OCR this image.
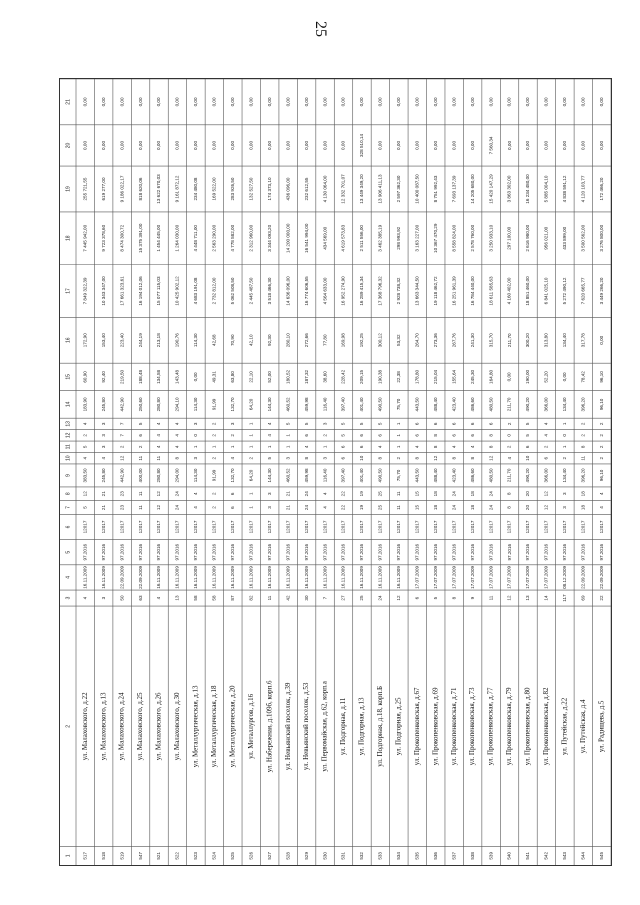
25
1
2
3
4
5
6
7
8
9
10
11
12
13
14
15
16
17
18
19
20
21
517
ул. Малаховского, д.22
4
16.11.2009
97.2016
12017
5
12
383,50
4
5
2
4
183,90
60,90
172,90
7 849 322,39
7 445 942,00
255 721,55
0,00
0,00
518
ул. Малаховского, д.13
3
16.11.2009
97.2016
12017
21
21
245,80
4
3
3
3
245,80
92,40
153,40
10 343 347,00
9 723 378,60
619 277,00
0,00
0,00
519
ул. Малаховского, д.24
50
22.09.2009
97.2016
12017
23
23
442,90
12
2
7
7
442,90
219,50
223,40
17 661 323,61
8 474 300,72
9 186 022,17
0,00
0,00
547
ул. Малаховского, д.25
63
22.09.2009
97.2016
12017
11
11
400,00
11
2
6
5
250,60
188,48
244,19
16 194 012,06
15 375 391,00
818 620,06
0,00
0,00
521
ул. Малаховского, д.26
4
16.11.2009
97.2016
12017
12
12
280,80
11
4
4
4
280,80
134,58
213,18
15 077 115,03
1 454 445,00
13 622 670,03
0,00
0,00
522
ул. Малаховского, д.30
13
16.11.2009
97.2016
12017
24
24
294,00
8
4
4
4
294,10
143,48
190,76
10 425 902,12
1 264 030,00
9 161 872,12
0,00
0,00
523
ул. Металлургическая, д.13
58
16.11.2009
97.2016
12017
4
4
114,30
3
1
0
3
114,30
0,00
114,30
4 683 191,08
4 448 711,00
234 480,08
0,00
0,00
524
ул. Металлургическая, д.18
58
16.11.2009
97.2016
12017
2
2
91,99
2
1
2
2
91,99
49,31
42,68
2 732 812,00
2 563 290,00
169 522,00
0,00
0,00
525
ул. Металлургическая, д.20
87
16.11.2009
97.2016
12017
6
6
132,70
4
1
2
3
132,70
63,80
70,90
5 062 508,50
4 778 582,00
283 926,50
0,00
0,00
526
ул. Металлургов, д.16
82
16.11.2009
97.2016
12017
1
1
64,20
2
1
1
1
64,20
22,10
42,10
2 445 487,50
2 312 960,00
132 527,50
0,00
0,00
527
ул. Набережная, д.109б, корп.6
11
16.11.2009
97.2016
12017
3
3
144,30
5
1
4
4
144,30
52,00
92,30
3 518 466,30
3 344 093,20
174 373,10
0,00
0,00
528
ул. Невьянский поселок, д.39
42
16.11.2009
97.2016
12017
21
21
460,52
3
1
1
5
460,52
180,52
280,10
14 636 096,00
14 200 000,00
436 096,00
0,00
0,00
529
ул. Невьянский поселок, д.53
30
16.11.2009
97.2016
12017
24
24
459,98
8
4
6
5
459,98
187,32
272,66
16 774 606,55
16 541 994,00
232 612,55
0,00
0,00
530
ул. Первомайская, д.62, корп.а
7
16.11.2009
97.2016
12017
4
4
116,40
3
1
2
3
116,40
38,60
77,80
4 564 633,00
434 569,00
4 130 064,00
0,00
0,00
531
ул. Подгорная, д.11
27
16.11.2009
97.2016
12017
22
22
397,40
6
6
5
5
397,40
228,42
169,98
16 952 274,90
4 619 573,83
12 332 701,07
0,00
0,00
532
ул. Подгорная, д.13
25
16.11.2009
97.2016
12017
19
19
401,40
10
6
6
5
401,40
209,15
192,25
16 289 415,34
2 511 556,00
13 449 349,20
328 510,14
0,00
533
ул. Подгорная, д.18, корп.Б
24
16.11.2009
97.2016
12017
25
25
490,50
8
4
6
5
490,50
190,38
300,12
17 368 796,32
3 462 385,19
13 906 411,13
0,00
0,00
534
ул. Подгорная, д.25
12
16.11.2009
97.2016
12017
11
11
75,70
2
1
1
1
75,70
22,38
53,32
2 928 738,32
298 993,92
2 597 362,30
0,00
0,00
535
ул. Прокопенковская, д.67
6
17.07.2009
97.2016
12017
15
15
443,50
8
4
6
6
443,50
178,80
264,70
13 663 344,50
3 163 227,00
10 400 087,50
0,00
0,00
536
ул. Прокопенковская, д.69
5
17.07.2009
97.2016
12017
18
18
488,40
12
8
8
6
488,40
215,04
273,36
19 118 462,72
10 367 470,29
8 751 992,43
0,00
0,00
537
ул. Прокопенковская, д.71
8
17.07.2009
97.2016
12017
24
24
423,40
8
4
6
6
423,40
155,64
267,76
16 251 961,39
8 558 824,00
7 693 137,39
0,00
0,00
538
ул. Прокопенковская, д.73
9
17.07.2009
97.2016
12017
18
18
486,60
8
4
6
6
486,60
245,30
241,30
16 784 440,00
2 578 760,00
14 205 680,00
0,00
0,00
539
ул. Прокопенковская, д.77
11
17.07.2009
97.2016
12017
24
24
480,50
12
8
8
6
480,50
164,80
315,70
18 611 585,63
3 250 933,10
15 420 147,29
7 560,34
0,00
540
ул. Прокопенковская, д.79
12
17.07.2009
97.2016
12017
8
8
211,70
4
2
0
2
211,70
0,00
211,70
4 160 402,00
297 100,00
3 863 302,00
0,00
0,00
541
ул. Прокопенковская, д.80
13
17.07.2009
97.2016
12017
20
20
490,20
10
6
5
5
490,20
190,00
300,20
18 851 460,00
2 616 980,00
16 234 480,00
0,00
0,00
542
ул. Прокопенковская, д.82
14
17.07.2009
97.2016
12017
12
12
366,00
6
2
4
4
366,00
52,20
313,80
6 841 025,10
956 021,00
5 885 004,10
0,00
0,00
543
ул. Путейская, д.22
117
08.12.2009
97.2016
12017
3
3
134,40
2
1
0
1
134,40
0,00
134,40
5 272 490,12
433 899,00
4 838 591,12
0,00
0,00
544
ул. Путейская, д.4
69
22.09.2009
97.2016
12017
18
18
396,20
11
8
2
2
396,20
78,42
317,78
7 620 665,77
3 500 562,00
4 120 103,77
0,00
0,00
545
ул. Радищева, д.5
22
22.09.2009
97.2016
12017
4
4
96,10
2
2
2
2
96,10
96,10
0,00
3 449 266,20
3 276 800,00
172 466,20
0,00
0,00
